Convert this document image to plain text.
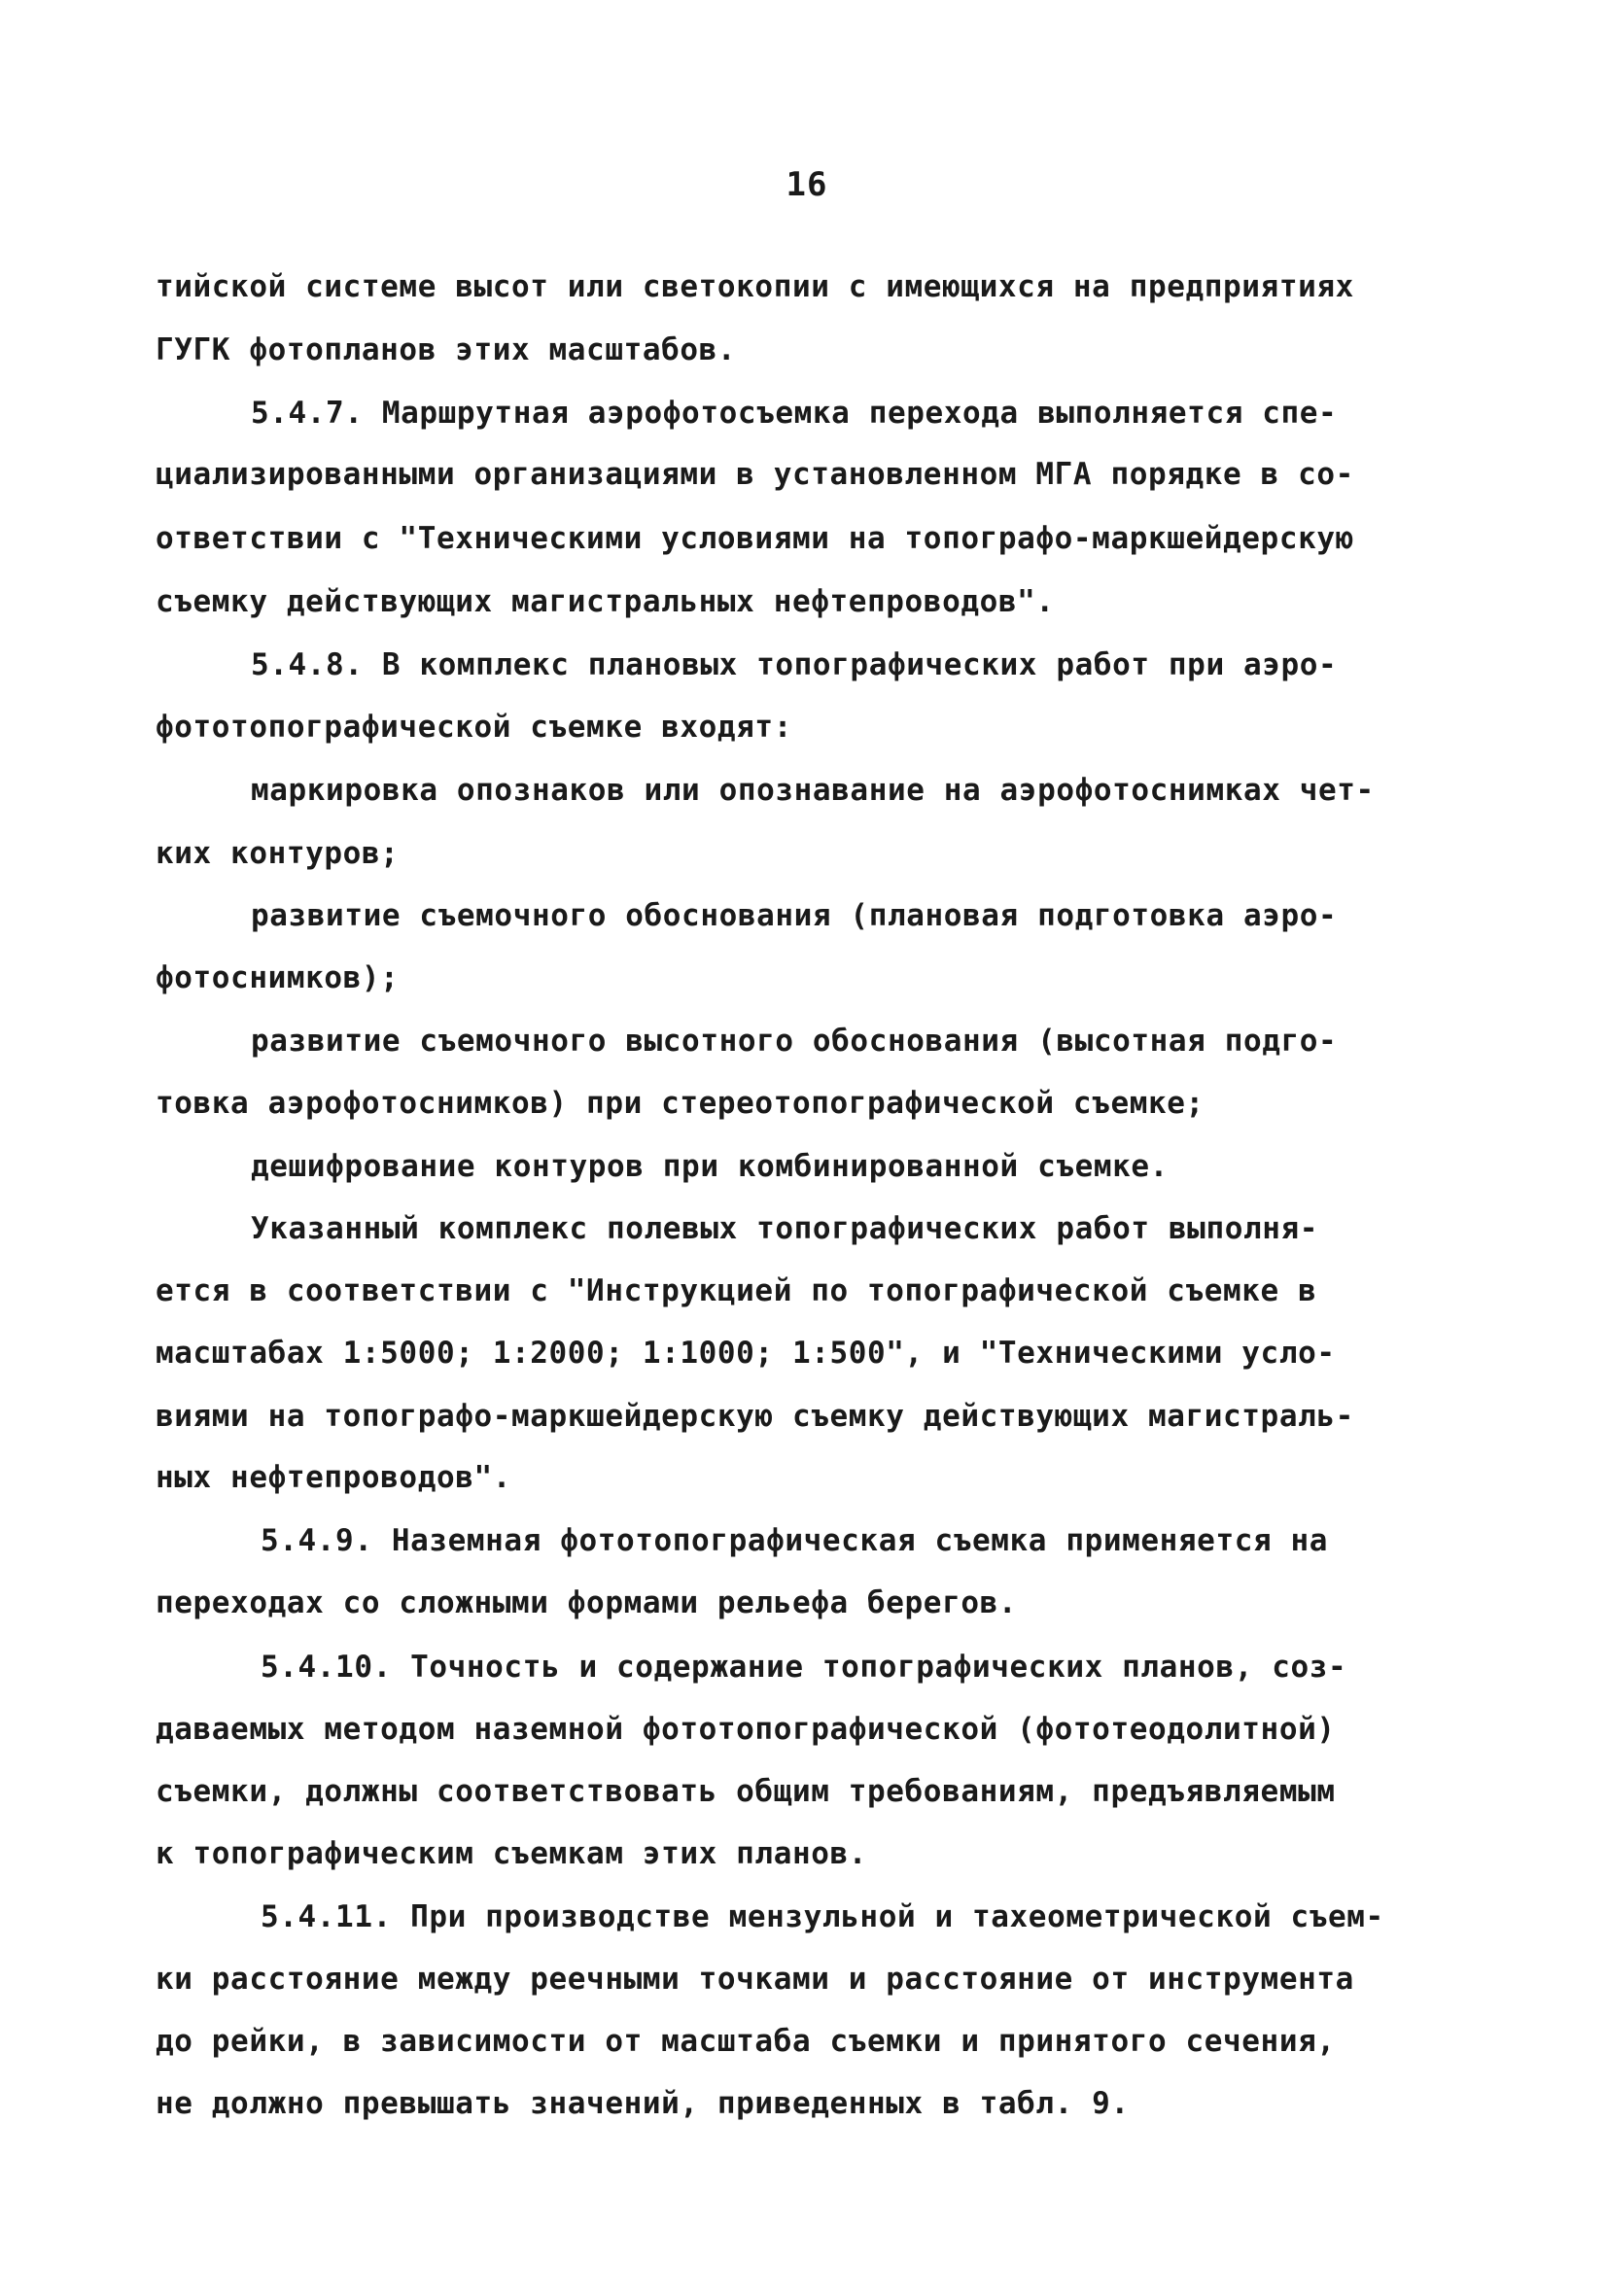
16
тийской системе высот или светокопии с имеющихся на предприятиях
ГУГК фотопланов этих масштабов.
5.4.7. Маршрутная аэрофотосъемка перехода выполняется спе-
циализированными организациями в установленном МГА порядке в со-
ответствии с "Техническими условиями на топографо-маркшейдерскую
съемку действующих магистральных нефтепроводов".
5.4.8. В комплекс плановых топографических работ при аэро-
фототопографической съемке входят:
маркировка опознаков или опознавание на аэрофотоснимках чет-
ких контуров;
развитие съемочного обоснования (плановая подготовка аэро-
фотоснимков);
развитие съемочного высотного обоснования (высотная подго-
товка аэрофотоснимков) при стереотопографической съемке;
дешифрование контуров при комбинированной съемке.
Указанный комплекс полевых топографических работ выполня-
ется в соответствии с "Инструкцией по топографической съемке в
масштабах 1:5000; 1:2000; 1:1000; 1:500", и "Техническими усло-
виями на топографо-маркшейдерскую съемку действующих магистраль-
ных нефтепроводов".
5.4.9. Наземная фототопографическая съемка применяется на
переходах со сложными формами рельефа берегов.
5.4.10. Точность и содержание топографических планов, соз-
даваемых методом наземной фототопографической (фототеодолитной)
съемки, должны соответствовать общим требованиям, предъявляемым
к топографическим съемкам этих планов.
5.4.11. При производстве мензульной и тахеометрической съем-
ки расстояние между реечными точками и расстояние от инструмента
до рейки, в зависимости от масштаба съемки и принятого сечения,
не должно превышать значений, приведенных в табл. 9.
